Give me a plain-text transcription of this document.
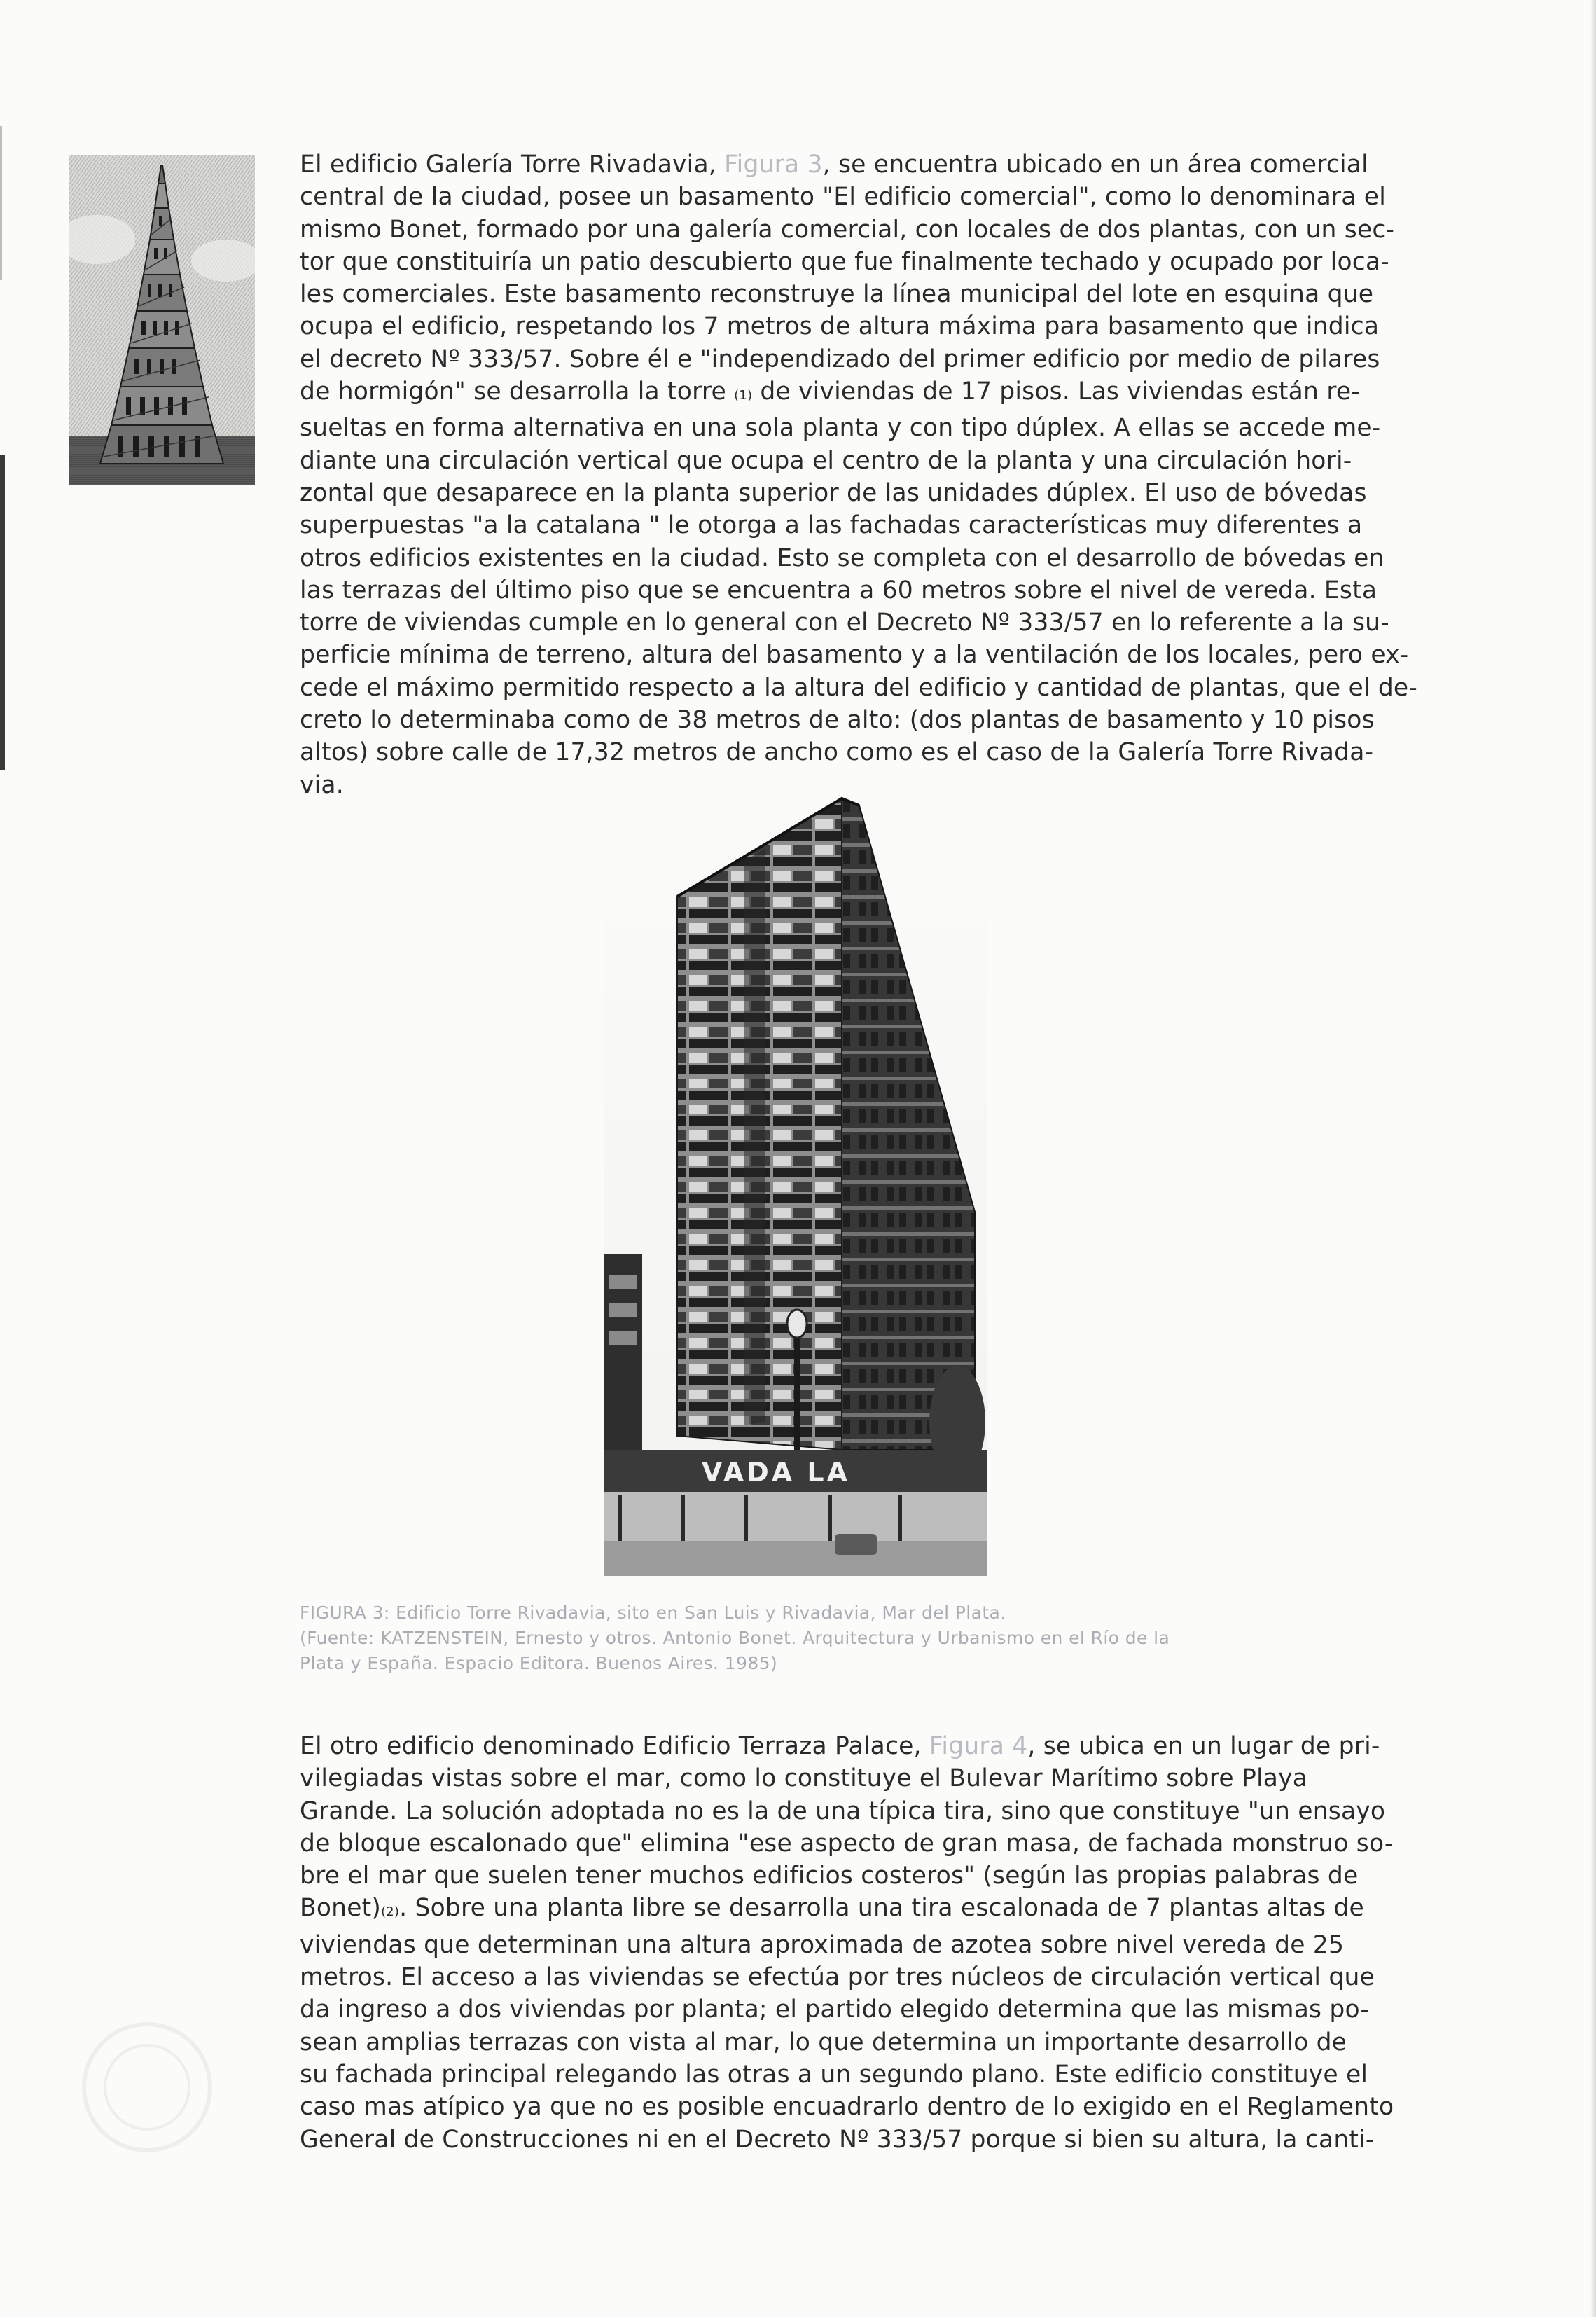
El edificio Galería Torre Rivadavia, Figura 3, se encuentra ubicado en un área comercial
central de la ciudad, posee un basamento "El edificio comercial", como lo denominara el
mismo Bonet, formado por una galería comercial, con locales de dos plantas, con un sec-
tor que constituiría un patio descubierto que fue finalmente techado y ocupado por loca-
les comerciales. Este basamento reconstruye la línea municipal del lote en esquina que
ocupa el edificio, respetando los 7 metros de altura máxima para basamento que indica
el decreto Nº 333/57. Sobre él e "independizado del primer edificio por medio de pilares
de hormigón" se desarrolla la torre (1) de viviendas de 17 pisos. Las viviendas están re-
sueltas en forma alternativa en una sola planta y con tipo dúplex. A ellas se accede me-
diante una circulación vertical que ocupa el centro de la planta y una circulación hori-
zontal que desaparece en la planta superior de las unidades dúplex. El uso de bóvedas
superpuestas "a la catalana " le otorga a las fachadas características muy diferentes a
otros edificios existentes en la ciudad. Esto se completa con el desarrollo de bóvedas en
las terrazas del último piso que se encuentra a 60 metros sobre el nivel de vereda. Esta
torre de viviendas cumple en lo general con el Decreto Nº 333/57 en lo referente a la su-
perficie mínima de terreno, altura del basamento y a la ventilación de los locales, pero ex-
cede el máximo permitido respecto a la altura del edificio y cantidad de plantas, que el de-
creto lo determinaba como de 38 metros de alto: (dos plantas de basamento y 10 pisos
altos) sobre calle de 17,32 metros de ancho como es el caso de la Galería Torre Rivada-
via.
VADA LA
FIGURA 3: Edificio Torre Rivadavia, sito en San Luis y Rivadavia, Mar del Plata.
(Fuente: KATZENSTEIN, Ernesto y otros. Antonio Bonet. Arquitectura y Urbanismo en el Río de la
Plata y España. Espacio Editora. Buenos Aires. 1985)
El otro edificio denominado Edificio Terraza Palace, Figura 4, se ubica en un lugar de pri-
vilegiadas vistas sobre el mar, como lo constituye el Bulevar Marítimo sobre Playa
Grande. La solución adoptada no es la de una típica tira, sino que constituye "un ensayo
de bloque escalonado que" elimina "ese aspecto de gran masa, de fachada monstruo so-
bre el mar que suelen tener muchos edificios costeros" (según las propias palabras de
Bonet)(2). Sobre una planta libre se desarrolla una tira escalonada de 7 plantas altas de
viviendas que determinan una altura aproximada de azotea sobre nivel vereda de 25
metros. El acceso a las viviendas se efectúa por tres núcleos de circulación vertical que
da ingreso a dos viviendas por planta; el partido elegido determina que las mismas po-
sean amplias terrazas con vista al mar, lo que determina un importante desarrollo de
su fachada principal relegando las otras a un segundo plano. Este edificio constituye el
caso mas atípico ya que no es posible encuadrarlo dentro de lo exigido en el Reglamento
General de Construcciones ni en el Decreto Nº 333/57 porque si bien su altura, la canti-
